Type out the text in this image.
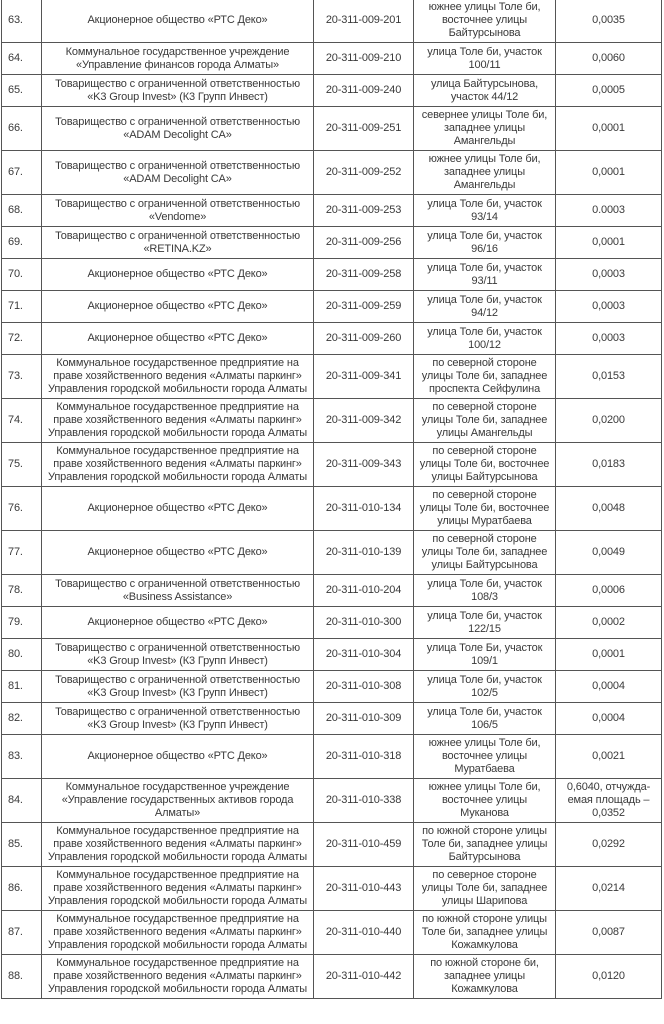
63.	Акционерное общество «РТС Деко»	20-311-009-201	южнее улицы Толе би, восточнее улицы Байтурсынова	0,0035
64.	Коммунальное государственное учреждение «Управление финансов города Алматы»	20-311-009-210	улица Толе би, участок 100/11	0,0060
65.	Товарищество с ограниченной ответственностью «K3 Group Invest» (К3 Групп Инвест)	20-311-009-240	улица Байтурсынова, участок 44/12	0,0005
66.	Товарищество с ограниченной ответственностью «ADAM Decolight CA»	20-311-009-251	севернее улицы Толе би, западнее улицы Амангельды	0,0001
67.	Товарищество с ограниченной ответственностью «ADAM Decolight CA»	20-311-009-252	южнее улицы Толе би, западнее улицы Амангельды	0,0001
68.	Товарищество с ограниченной ответственностью «Vendome»	20-311-009-253	улица Толе би, участок 93/14	0.0003
69.	Товарищество с ограниченной ответственностью «RETINA.KZ»	20-311-009-256	улица Толе би, участок 96/16	0,0001
70.	Акционерное общество «РТС Деко»	20-311-009-258	улица Толе би, участок 93/11	0,0003
71.	Акционерное общество «РТС Деко»	20-311-009-259	улица Толе би, участок 94/12	0,0003
72.	Акционерное общество «РТС Деко»	20-311-009-260	улица Толе би, участок 100/12	0,0003
73.	Коммунальное государственное предприятие на праве хозяйственного ведения «Алматы паркинг» Управления городской мобильности города Алматы	20-311-009-341	по северной стороне улицы Толе би, западнее проспекта Сейфулина	0,0153
74.	Коммунальное государственное предприятие на праве хозяйственного ведения «Алматы паркинг» Управления городской мобильности города Алматы	20-311-009-342	по северной стороне улицы Толе би, западнее улицы Амангельды	0,0200
75.	Коммунальное государственное предприятие на праве хозяйственного ведения «Алматы паркинг» Управления городской мобильности города Алматы	20-311-009-343	по северной стороне улицы Толе би, восточнее улицы Байтурсынова	0,0183
76.	Акционерное общество «РТС Деко»	20-311-010-134	по северной стороне улицы Толе би, восточнее улицы Муратбаева	0,0048
77.	Акционерное общество «РТС Деко»	20-311-010-139	по северной стороне улицы Толе би, западнее улицы Байтурсынова	0,0049
78.	Товарищество с ограниченной ответственностью «Business Assistance»	20-311-010-204	улица Толе би, участок 108/3	0,0006
79.	Акционерное общество «РТС Деко»	20-311-010-300	улица Толе би, участок 122/15	0,0002
80.	Товарищество с ограниченной ответственностью «K3 Group Invest» (К3 Групп Инвест)	20-311-010-304	улица Толе Би, участок 109/1	0,0001
81.	Товарищество с ограниченной ответственностью «K3 Group Invest» (К3 Групп Инвест)	20-311-010-308	улица Толе би, участок 102/5	0,0004
82.	Товарищество с ограниченной ответственностью «K3 Group Invest» (К3 Групп Инвест)	20-311-010-309	улица Толе би, участок 106/5	0,0004
83.	Акционерное общество «РТС Деко»	20-311-010-318	южнее улицы Толе би, восточнее улицы Муратбаева	0,0021
84.	Коммунальное государственное учреждение «Управление государственных активов города Алматы»	20-311-010-338	южнее улицы Толе би, восточнее улицы Муканова	0,6040, отчужда-емая площадь – 0,0352
85.	Коммунальное государственное предприятие на праве хозяйственного ведения «Алматы паркинг» Управления городской мобильности города Алматы	20-311-010-459	по южной стороне улицы Толе би, западнее улицы Байтурсынова	0,0292
86.	Коммунальное государственное предприятие на праве хозяйственного ведения «Алматы паркинг» Управления городской мобильности города Алматы	20-311-010-443	по северное стороне улицы Толе би, западнее улицы Шарипова	0,0214
87.	Коммунальное государственное предприятие на праве хозяйственного ведения «Алматы паркинг» Управления городской мобильности города Алматы	20-311-010-440	по южной стороне улицы Толе би, западнее улицы Кожамкулова	0,0087
88.	Коммунальное государственное предприятие на праве хозяйственного ведения «Алматы паркинг» Управления городской мобильности города Алматы	20-311-010-442	по южной стороне би, западнее улицы Кожамкулова	0,0120
